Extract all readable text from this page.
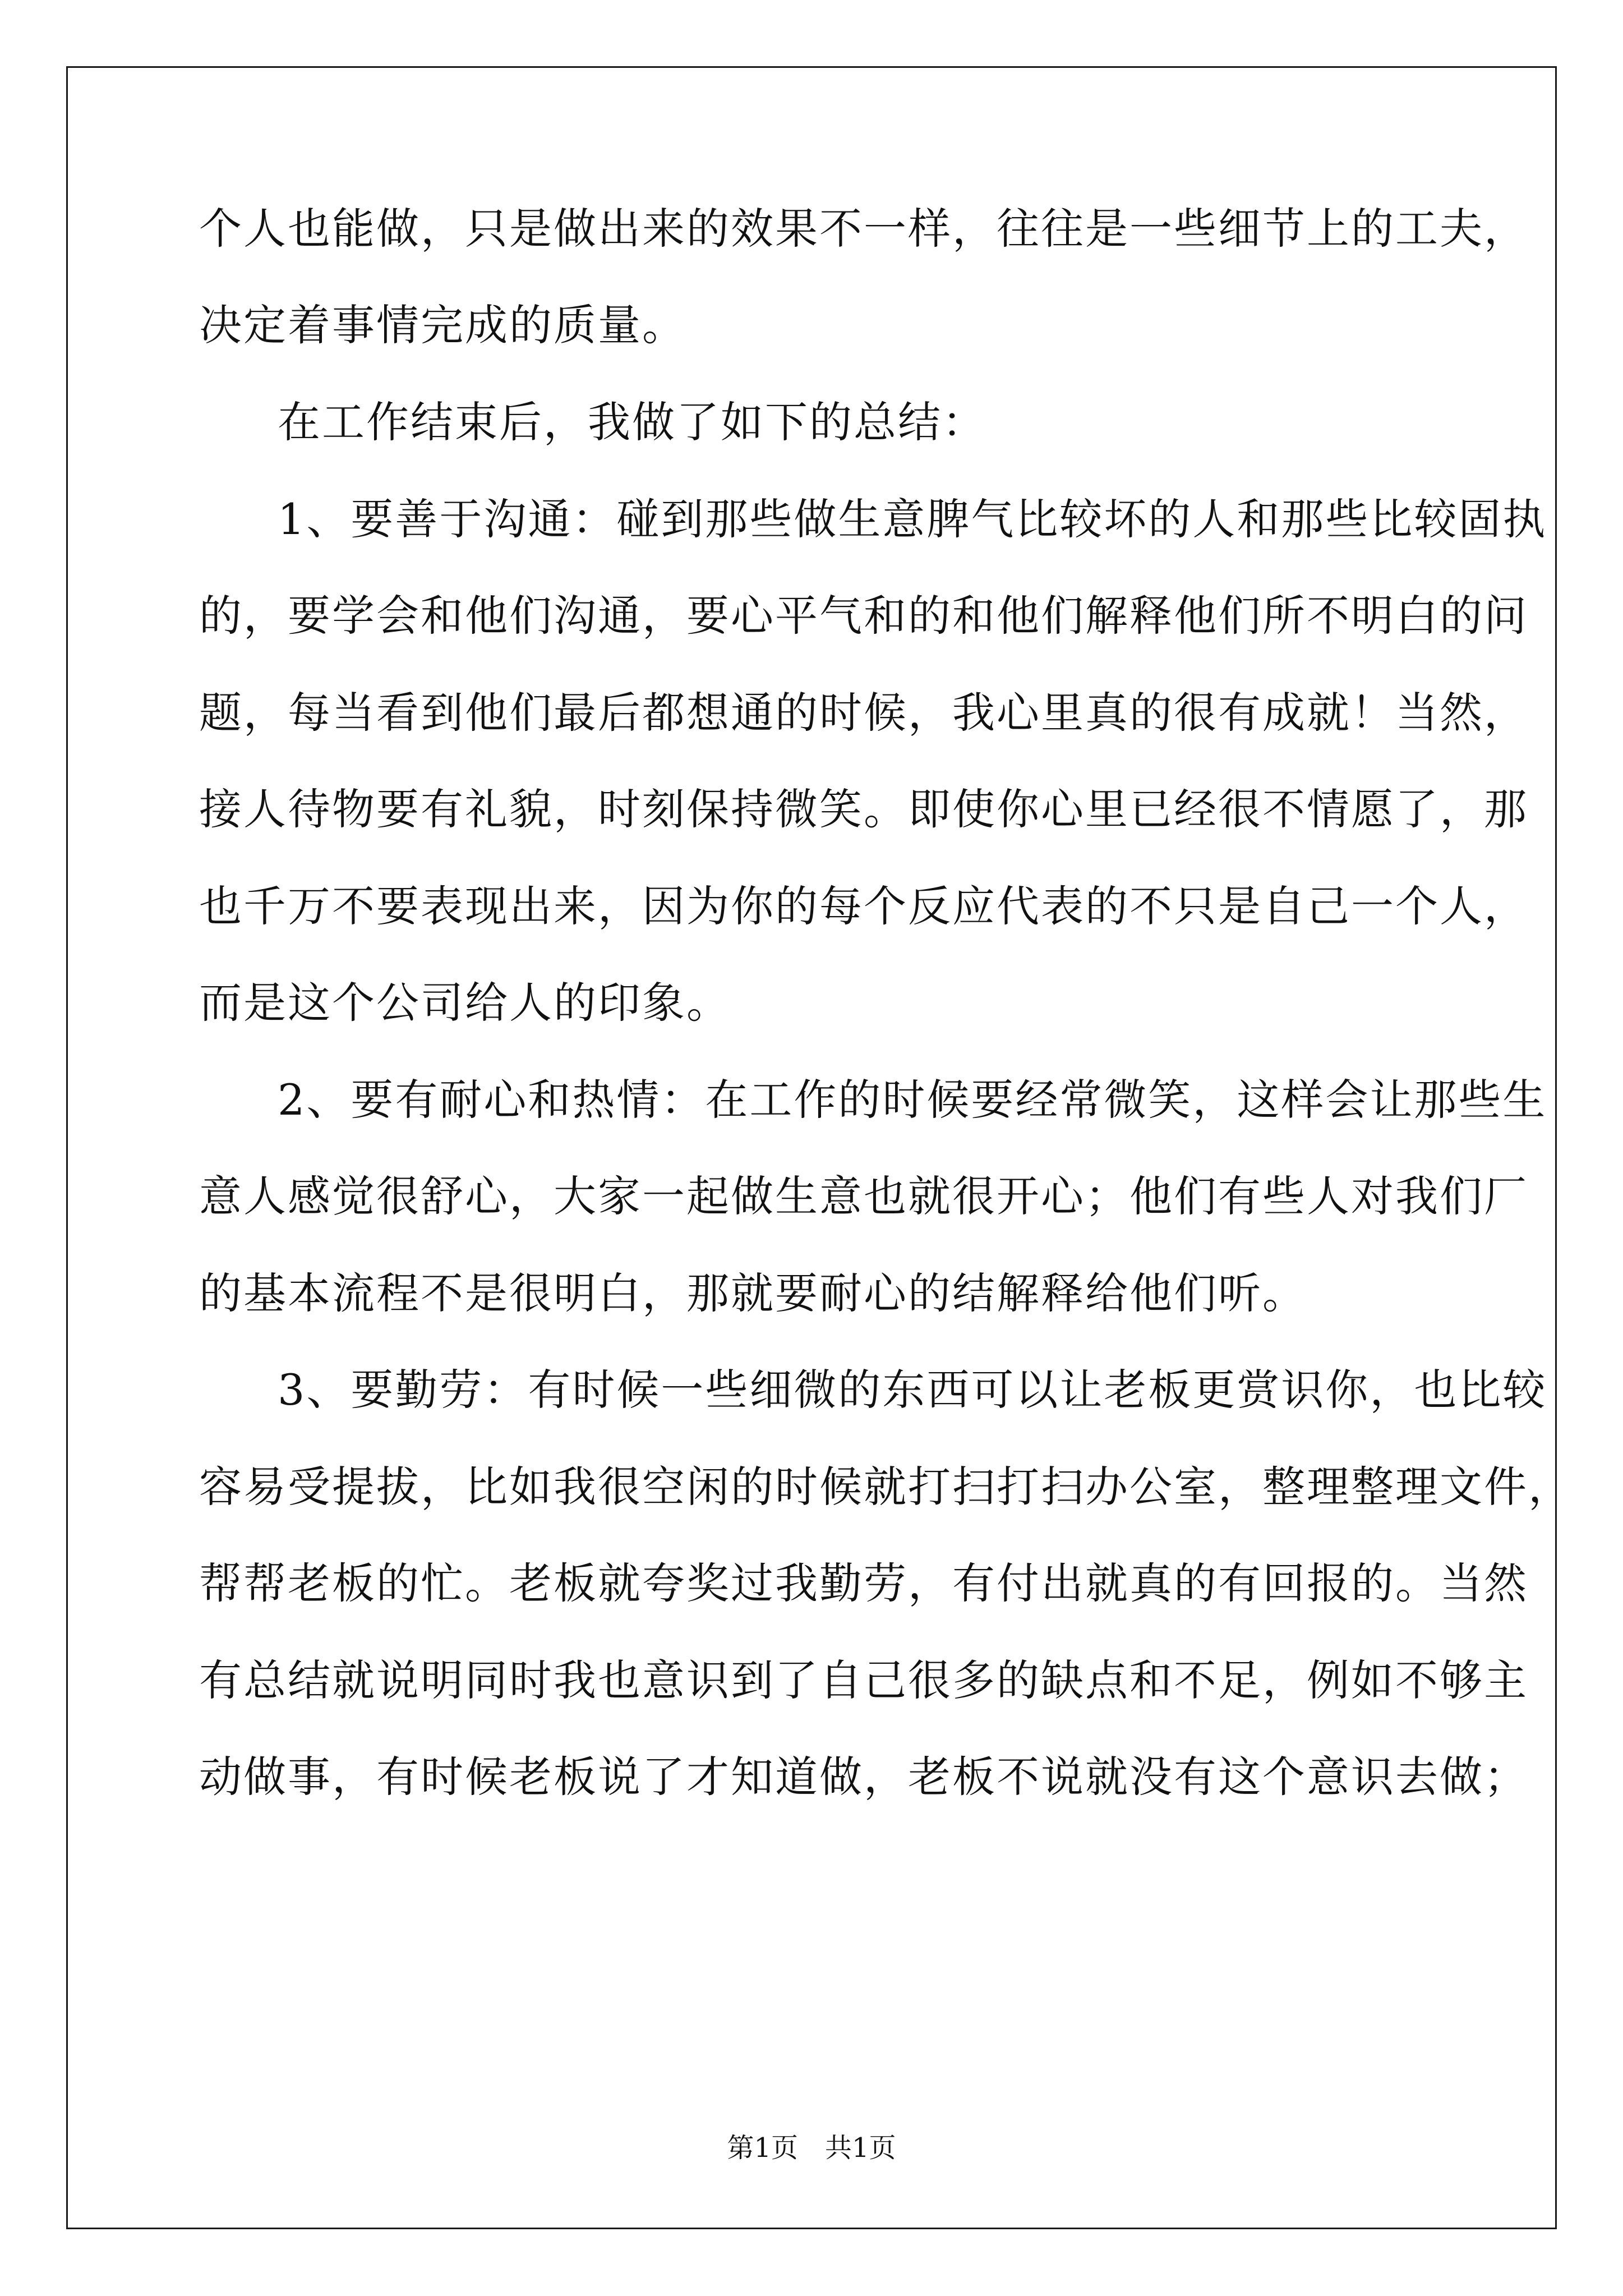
个人也能做，只是做出来的效果不一样，往往是一些细节上的工夫，
决定着事情完成的质量。
在工作结束后，我做了如下的总结：
1、要善于沟通：碰到那些做生意脾气比较坏的人和那些比较固执
的，要学会和他们沟通，要心平气和的和他们解释他们所不明白的问
题，每当看到他们最后都想通的时候，我心里真的很有成就！当然，
接人待物要有礼貌，时刻保持微笑。即使你心里已经很不情愿了，那
也千万不要表现出来，因为你的每个反应代表的不只是自己一个人，
而是这个公司给人的印象。
2、要有耐心和热情：在工作的时候要经常微笑，这样会让那些生
意人感觉很舒心，大家一起做生意也就很开心；他们有些人对我们厂
的基本流程不是很明白，那就要耐心的结解释给他们听。
3、要勤劳：有时候一些细微的东西可以让老板更赏识你，也比较
容易受提拔，比如我很空闲的时候就打扫打扫办公室，整理整理文件，
帮帮老板的忙。老板就夸奖过我勤劳，有付出就真的有回报的。当然
有总结就说明同时我也意识到了自己很多的缺点和不足，例如不够主
动做事，有时候老板说了才知道做，老板不说就没有这个意识去做；
第1页　共1页
